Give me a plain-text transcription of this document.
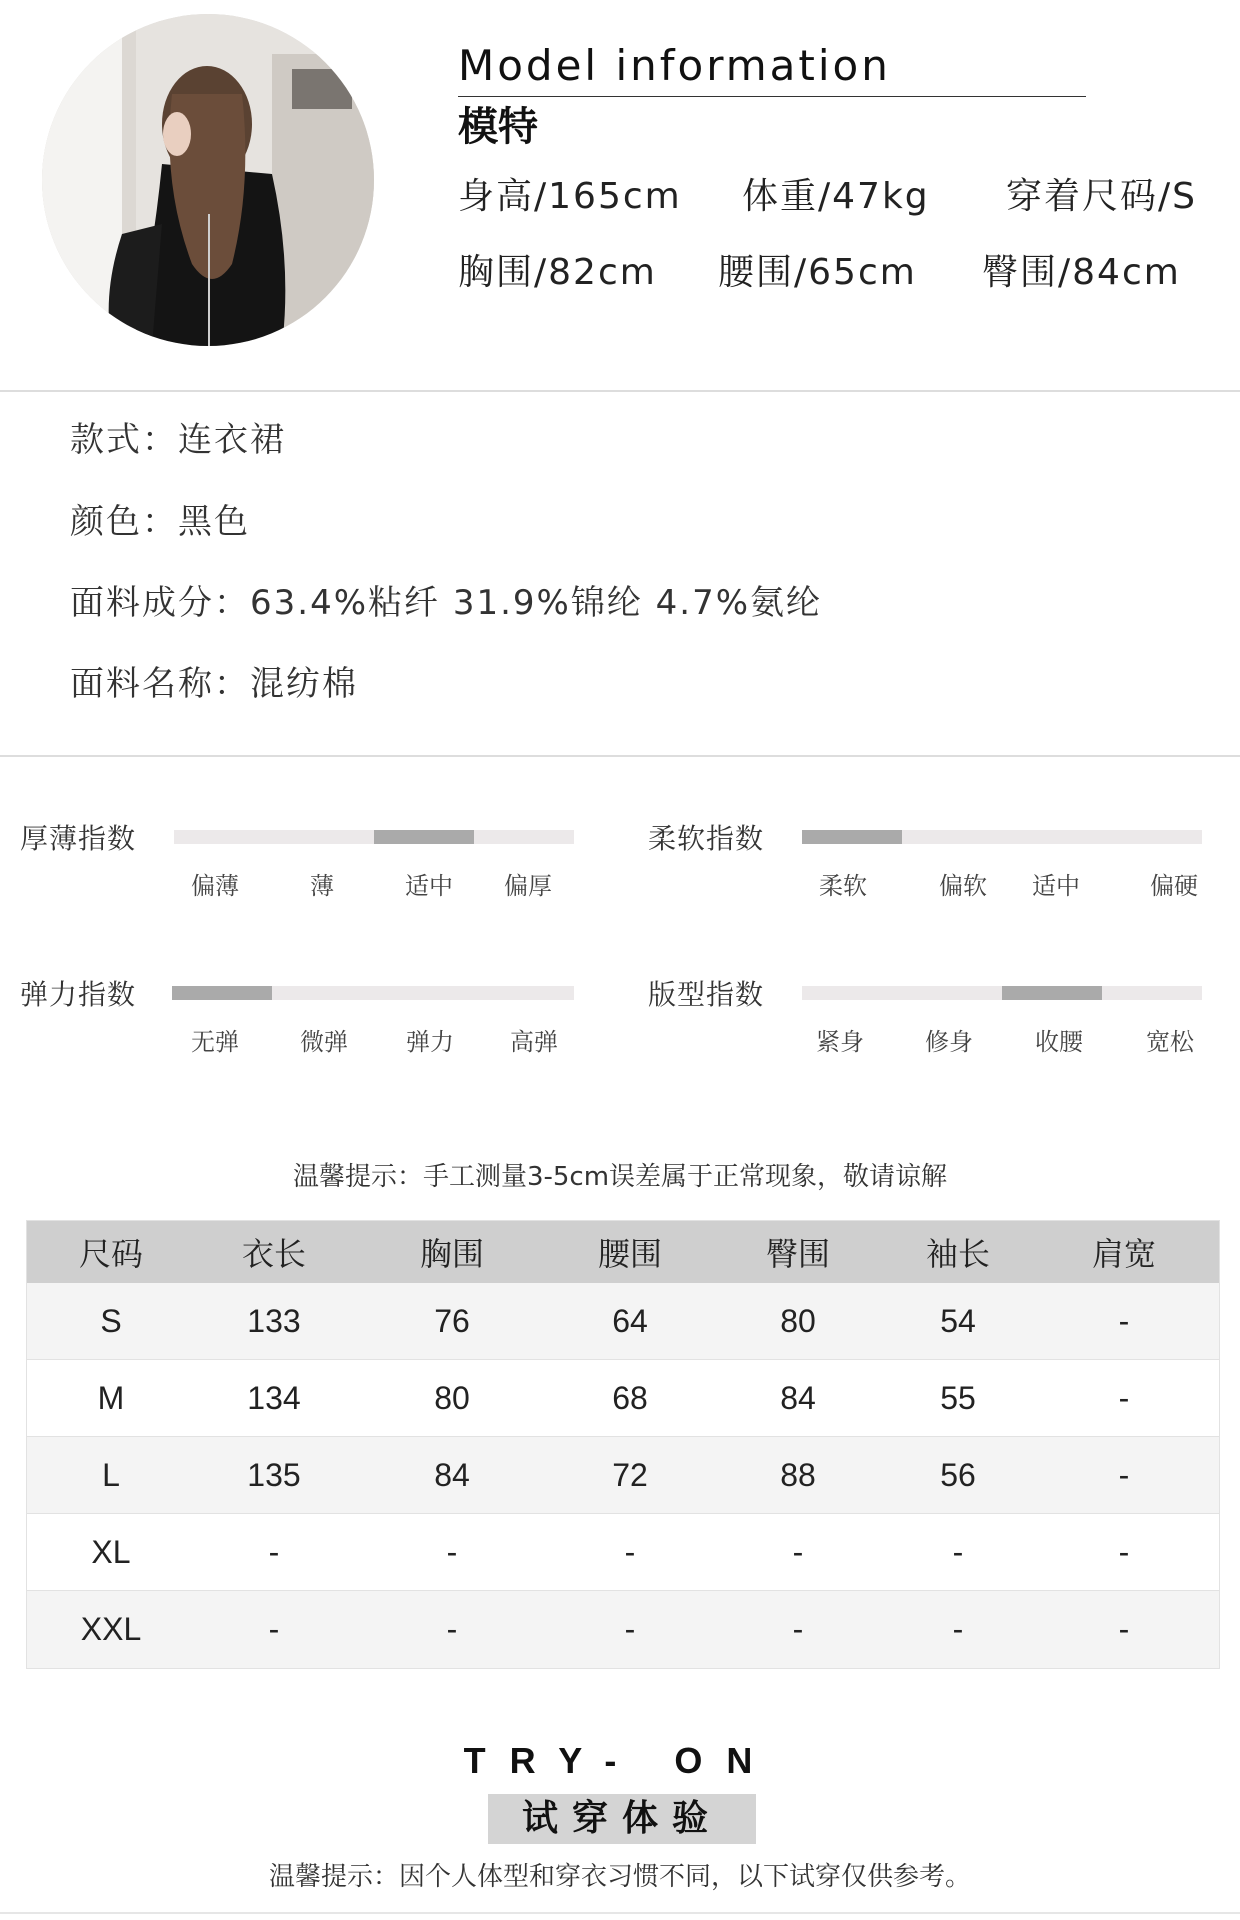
Model information
模特
身高/165cm 体重/47kg 穿着尺码/S
胸围/82cm 腰围/65cm 臀围/84cm
款式：连衣裙
颜色：黑色
面料成分：63.4%粘纤 31.9%锦纶 4.7%氨纶
面料名称：混纺棉
厚薄指数
偏薄	薄	适中	偏厚
柔软指数
柔软	偏软	适中	偏硬
弹力指数
无弹	微弹	弹力	高弹
版型指数
紧身	修身	收腰	宽松
温馨提示：手工测量3-5cm误差属于正常现象，敬请谅解
尺码	衣长	胸围	腰围	臀围	袖长	肩宽
S	133	76	64	80	54	-
M	134	80	68	84	55	-
L	135	84	72	88	56	-
XL	-	-	-	-	-	-
XXL	-	-	-	-	-	-
TRY- ON
试穿体验
温馨提示：因个人体型和穿衣习惯不同，以下试穿仅供参考。
